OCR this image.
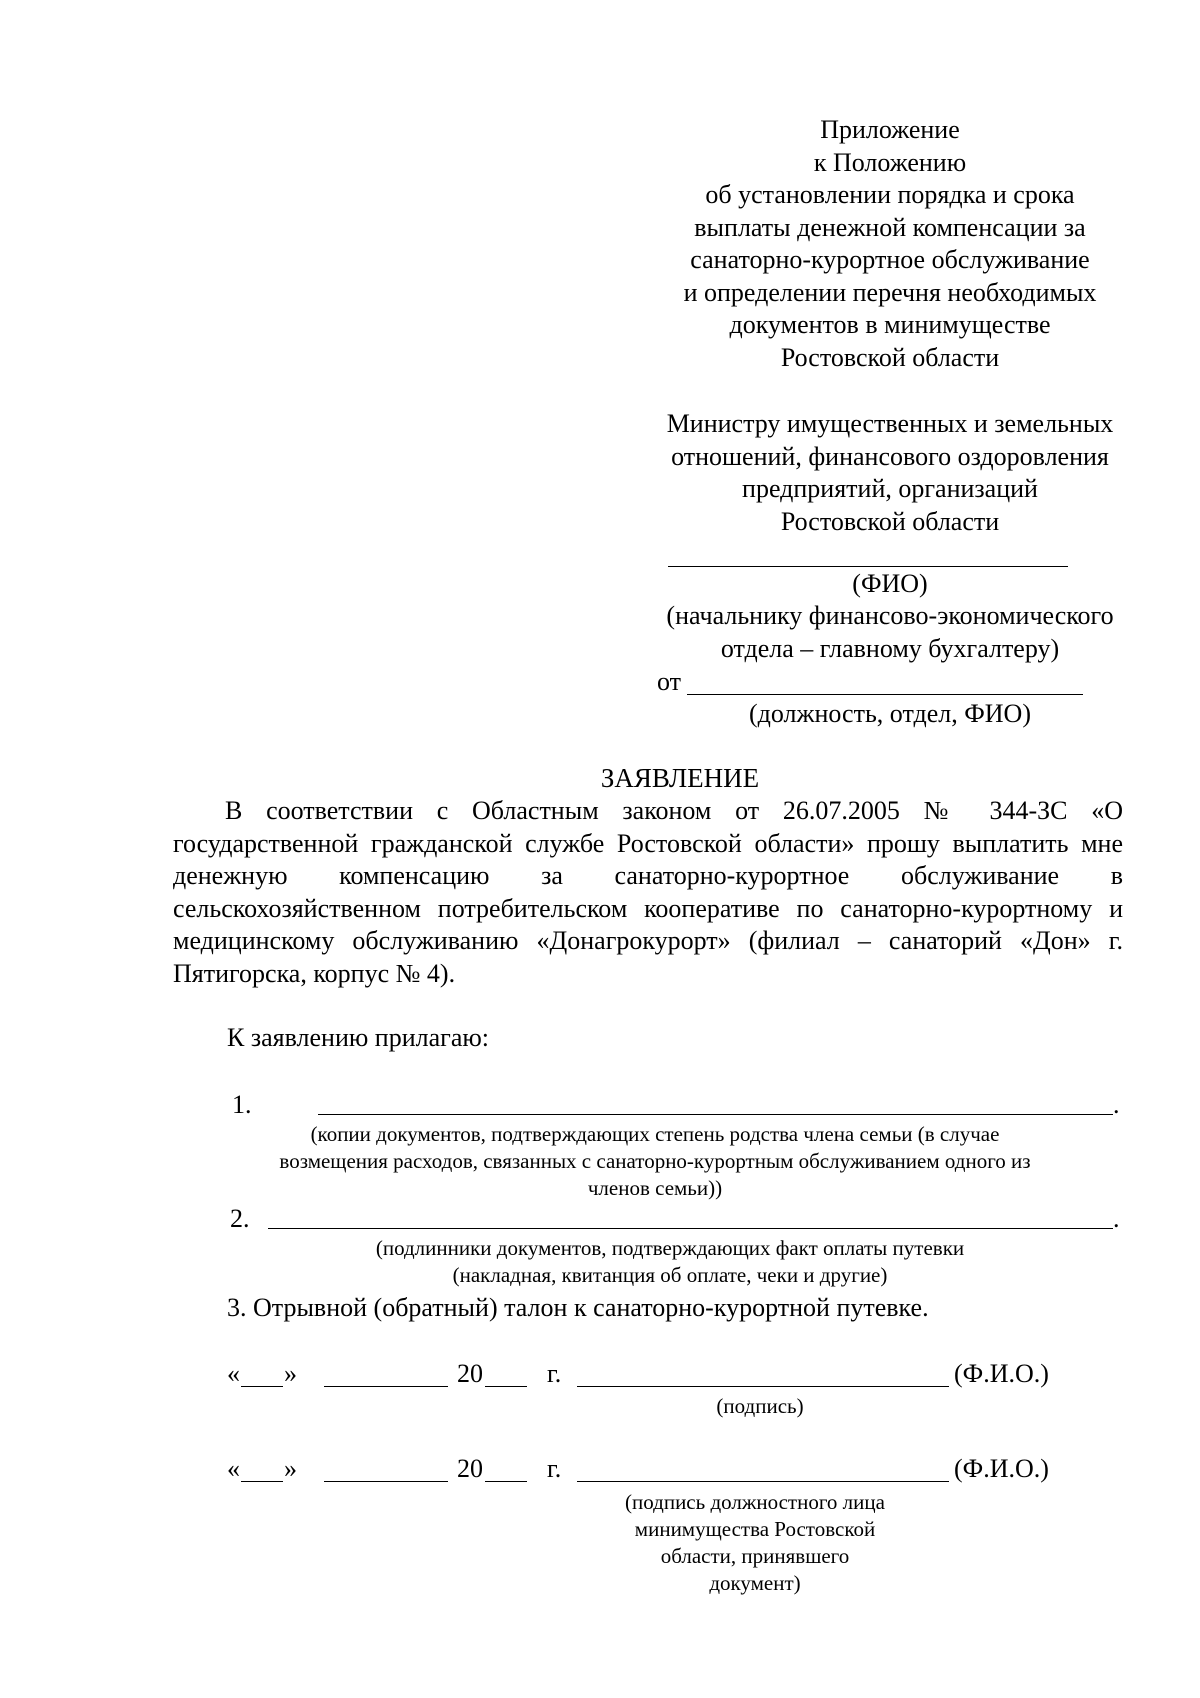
Приложение

к Положению

об установлении порядка и срока

выплаты денежной компенсации за

санаторно-курортное обслуживание

и определении перечня необходимых

документов в минимуществе

Ростовской области

Министру имущественных и земельных

отношений, финансового оздоровления

предприятий, организаций

Ростовской области

(ФИО)

(начальнику финансово-экономического

отдела – главному бухгалтеру)

от
(должность, отдел, ФИО)
ЗАЯВЛЕНИЕ
В соответствии с Областным законом от 26.07.2005 № 344-ЗС «О государственной гражданской службе Ростовской области» прошу выплатить мне денежную компенсацию за санаторно-курортное обслуживание в сельскохозяйственном потребительском кооперативе по санаторно-курортному и медицинскому обслуживанию «Донагрокурорт» (филиал – санаторий «Дон» г. Пятигорска, корпус № 4).
К заявлению прилагаю:
1.	.

(копии документов, подтверждающих степень родства члена семьи (в случае

возмещения расходов, связанных с санаторно-курортным обслуживанием одного из

членов семьи))

2.	.

(подлинники документов, подтверждающих факт оплаты путевки

(накладная, квитанция об оплате, чеки и другие)

3. Отрывной (обратный) талон к санаторно-курортной путевке.
« »	20 г.	(Ф.И.О.)

(подпись)

« »	20 г.	(Ф.И.О.)

(подпись должностного лица

минимущества Ростовской

области, принявшего

документ)
